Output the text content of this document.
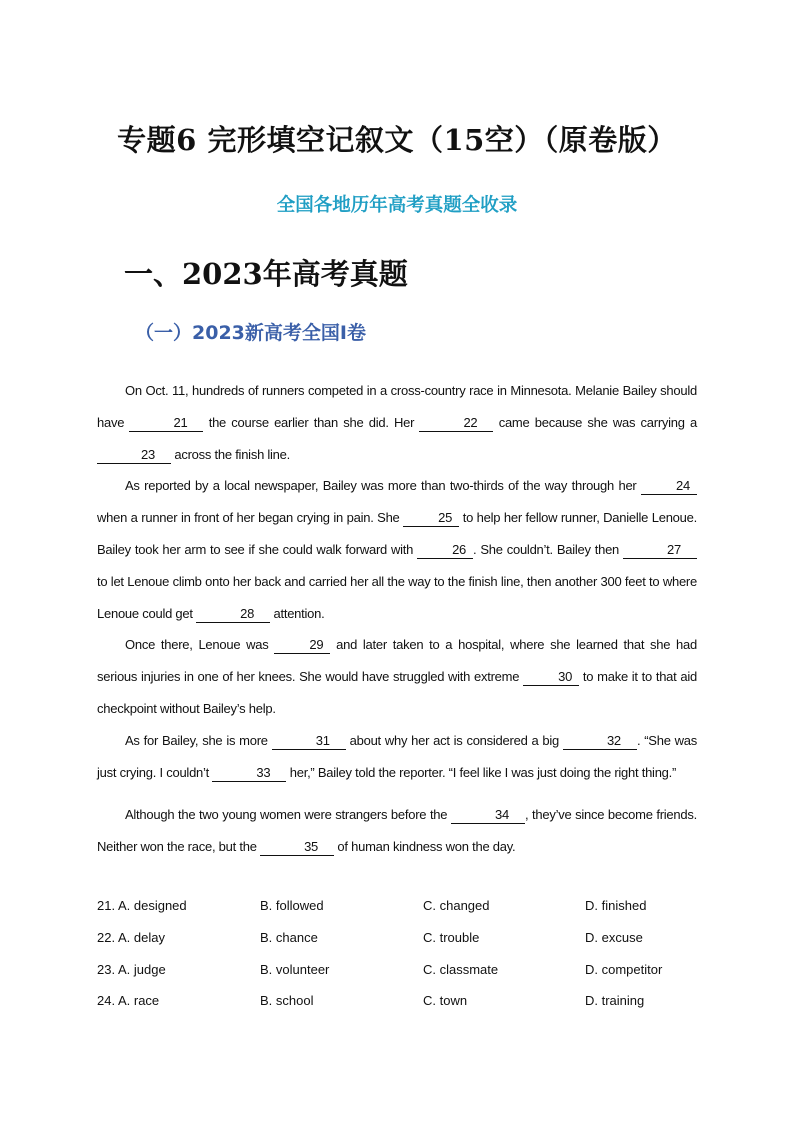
专题6 完形填空记叙文（15空）（原卷版）
全国各地历年高考真题全收录
一、2023年高考真题
（一）2023新高考全国Ⅰ卷

On Oct. 11, hundreds of runners competed in a cross-country race in Minnesota. Melanie Bailey should have	21 the course earlier than she did. Her	22 came because she was carrying a 23 across the finish line.

As reported by a local newspaper, Bailey was more than two-thirds of the way through her	24 when a runner in front of her began crying in pain. She	25 to help her fellow runner, Danielle Lenoue. Bailey took her arm to see if she could walk forward with	26 . She couldn’t. Bailey then	27 to let Lenoue climb onto her back and carried her all the way to the finish line, then another 300 feet to where Lenoue could get	28 attention.

Once there, Lenoue was	29 and later taken to a hospital, where she learned that she had serious injuries in one of her knees. She would have struggled with extreme	30 to make it to that aid checkpoint without Bailey’s help.

As for Bailey, she is more	31 about why her act is considered a big	32 . “She was just crying. I couldn’t	33 her,” Bailey told the reporter. “I feel like I was just doing the right thing.”

Although the two young women were strangers before the	34 , they’ve since become friends. Neither won the race, but the	35 of human kindness won the day.

21. A. designed	B. followed	C. changed	D. finished
22. A. delay	B. chance	C. trouble	D. excuse
23. A. judge	B. volunteer	C. classmate	D. competitor
24. A. race	B. school	C. town	D. training
